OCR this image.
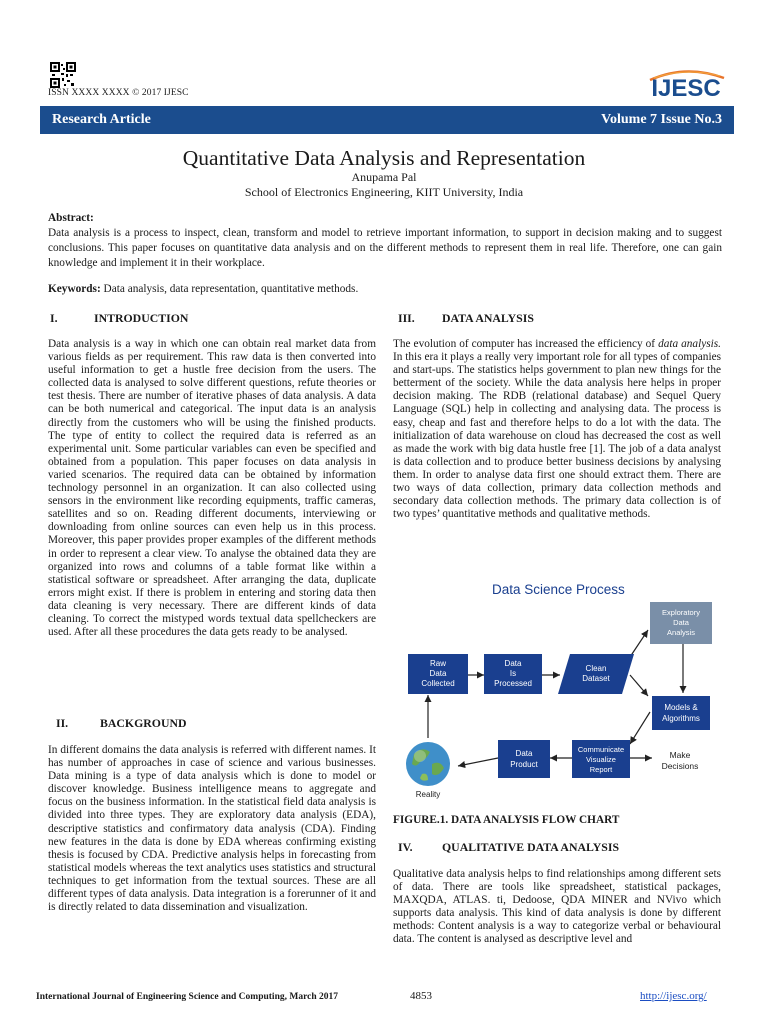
ISSN XXXX XXXX © 2017 IJESC	IJESC
Research Article	Volume 7 Issue No.3
Quantitative Data Analysis and Representation
Anupama Pal
School of Electronics Engineering, KIIT University, India
Abstract:
Data analysis is a process to inspect, clean, transform and model to retrieve important information, to support in decision making and to suggest conclusions. This paper focuses on quantitative data analysis and on the different methods to represent them in real life. Therefore, one can gain knowledge and implement it in their workplace.
Keywords: Data analysis, data representation, quantitative methods.
I.	INTRODUCTION
Data analysis is a way in which one can obtain real market data from various fields as per requirement. This raw data is then converted into useful information to get a hustle free decision from the users. The collected data is analysed to solve different questions, refute theories or test thesis. There are number of iterative phases of data analysis. A data can be both numerical and categorical. The input data is an analysis directly from the customers who will be using the finished products. The type of entity to collect the required data is referred as an experimental unit. Some particular variables can even be specified and obtained from a population. This paper focuses on data analysis in varied scenarios. The required data can be obtained by information technology personnel in an organization. It can also collected using sensors in the environment like recording equipments, traffic cameras, satellites and so on. Reading different documents, interviewing or downloading from online sources can even help us in this process. Moreover, this paper provides proper examples of the different methods in order to represent a clear view. To analyse the obtained data they are organized into rows and columns of a table format like within a statistical software or spreadsheet. After arranging the data, duplicate errors might exist. If there is problem in entering and storing data then data cleaning is very necessary. There are different kinds of data cleaning. To correct the mistyped words textual data spellcheckers are used. After all these procedures the data gets ready to be analysed.
II.	BACKGROUND
In different domains the data analysis is referred with different names. It has number of approaches in case of science and various businesses. Data mining is a type of data analysis which is done to model or discover knowledge. Business intelligence means to aggregate and focus on the business information. In the statistical field data analysis is divided into three types. They are exploratory data analysis (EDA), descriptive statistics and confirmatory data analysis (CDA). Finding new features in the data is done by EDA whereas confirming existing thesis is focused by CDA. Predictive analysis helps in forecasting from statistical models whereas the text analytics uses statistics and structural techniques to get information from the textual sources. These are all different types of data analysis. Data integration is a forerunner of it and is directly related to data dissemination and visualization.
III. DATA ANALYSIS
The evolution of computer has increased the efficiency of data analysis. In this era it plays a really very important role for all types of companies and start-ups. The statistics helps government to plan new things for the betterment of the society. While the data analysis here helps in proper decision making. The RDB (relational database) and Sequel Query Language (SQL) help in collecting and analysing data. The process is easy, cheap and fast and therefore helps to do a lot with the data. The initialization of data warehouse on cloud has decreased the cost as well as made the work with big data hustle free [1]. The job of a data analyst is data collection and to produce better business decisions by analysing them. In order to analyse data first one should extract them. There are two ways of data collection, primary data collection methods and secondary data collection methods. The primary data collection is of two types’ quantitative methods and qualitative methods.
Data Science Process
Raw
Data
Collected
Data
Is
Processed
Clean
Dataset
Exploratory
Data
Analysis
Models &
Algorithms
Data
Product
Communicate
Visualize
Report
Make
Decisions
Reality
FIGURE.1. DATA ANALYSIS FLOW CHART
IV. QUALITATIVE DATA ANALYSIS
Qualitative data analysis helps to find relationships among different sets of data. There are tools like spreadsheet, statistical packages, MAXQDA, ATLAS. ti, Dedoose, QDA MINER and NVivo which supports data analysis. This kind of data analysis is done by different methods: Content analysis is a way to categorize verbal or behavioural data. The content is analysed as descriptive level and
International Journal of Engineering Science and Computing, March 2017	4853	http://ijesc.org/
